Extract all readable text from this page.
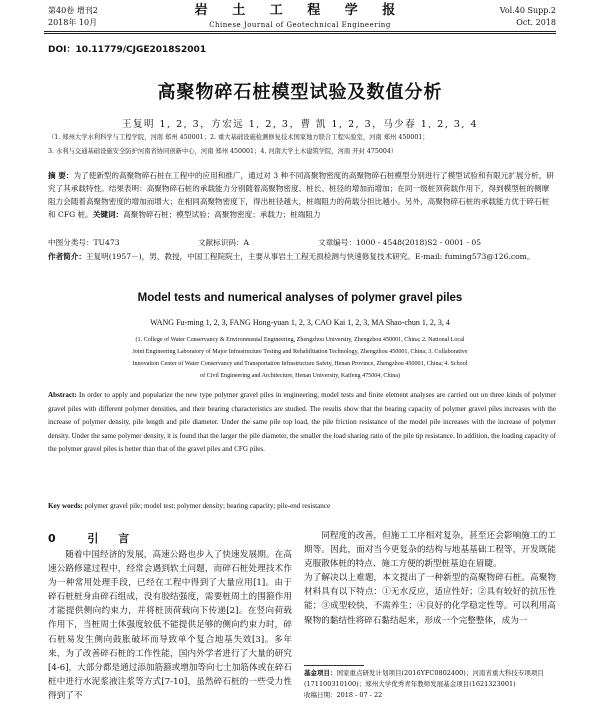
第40卷 增刊2
2018年 10月
岩 土 工 程 学 报
Chinese Journal of Geotechnical Engineering
Vol.40 Supp.2
Oct. 2018
DOI：10.11779/CJGE2018S2001
高聚物碎石桩模型试验及数值分析
王复明 1, 2, 3，方宏远 1, 2, 3，曹 凯 1, 2, 3，马少春 1, 2, 3, 4
（1. 郑州大学水利科学与工程学院，河南 郑州 450001；2. 重大基础设施检测修复技术国家地方联合工程实验室，河南 郑州 450001；
3. 水利与交通基础设施安全防护河南省协同创新中心，河南 郑州 450001；4. 河南大学土木建筑学院，河南 开封 475004）
摘 要：为了使新型的高聚物碎石桩在工程中的应用和推广，通过对 3 种不同高聚物密度的高聚物碎石桩模型分别进行了模型试验和有限元扩展分析，研究了其承载特性。结果表明：高聚物碎石桩的承载能力分别随着高聚物密度、桩长、桩径的增加而增加；在同一级桩顶荷载作用下，得到模型桩的侧摩阻力会随着高聚物密度的增加而增大；在相同高聚物密度下，得出桩径越大，桩端阻力的荷载分担比越小。另外，高聚物碎石桩的承载能力优于碎石桩和 CFG 桩。关键词：高聚物碎石桩；模型试验；高聚物密度；承载力；桩端阻力
中图分类号：TU473	文献标识码：A	文章编号：1000 - 4548(2018)S2 - 0001 - 05
作者简介：王复明(1957－)，男，教授，中国工程院院士，主要从事岩土工程无损检测与快速修复技术研究。E-mail: fuming573@126.com。
Model tests and numerical analyses of polymer gravel piles
WANG Fu-ming 1, 2, 3, FANG Hong-yuan 1, 2, 3, CAO Kai 1, 2, 3, MA Shao-chun 1, 2, 3, 4
(1. College of Water Conservancy & Environmental Engineering, Zhengzhou University, Zhengzhou 450001, China; 2. National Local
Joint Engineering Laboratory of Major Infrastructure Testing and Rehabilitation Technology, Zhengzhou 450001, China; 3. Collaborative
Innovation Center of Water Conservancy and Transportation Infrastructure Safety, Henan Province, Zhengzhou 450001, China; 4. School
of Civil Engineering and Architecture, Henan University, Kaifeng 475004, China)
Abstract: In order to apply and popularize the new type polymer gravel piles in engineering, model tests and finite element analyses are carried out on three kinds of polymer gravel piles with different polymer densities, and their bearing characteristics are studied. The results show that the bearing capacity of polymer gravel piles increases with the increase of polymer density, pile length and pile diameter. Under the same pile top load, the pile friction resistance of the model pile increases with the increase of polymer density. Under the same polymer density, it is found that the larger the pile diameter, the smaller the load sharing ratio of the pile tip resistance. In addition, the loading capacity of the polymer gravel piles is better than that of the gravel piles and CFG piles.
Key words: polymer gravel pile; model test; polymer density; bearing capacity; pile-end resistance
0 引 言
随着中国经济的发展，高速公路也步入了快速发展期。在高速公路修建过程中，经常会遇到软土问题，而碎石桩处理技术作为一种常用处理手段，已经在工程中得到了大量应用[1]。由于碎石桩桩身由碎石组成，没有胶结强度，需要桩周土的围箍作用才能提供侧向约束力，并将桩顶荷载向下传递[2]。在竖向荷载作用下，当桩周土体强度较低不能提供足够的侧向约束力时，碎石桩易发生侧向鼓胀破坏而导致单个复合地基失效[3]。多年来，为了改善碎石桩的工作性能，国内外学者进行了大量的研究[4-6]，大部分都是通过添加筋箍或增加等向七土加筋体或在碎石桩中进行水泥浆液注浆等方式[7-10]，虽然碎石桩的一些受力性得到了不
同程度的改善，但施工工序相对复杂，甚至还会影响施工的工期等。因此，面对当今更复杂的结构与地基基础工程等，开发既能克服散体桩的特点、施工方便的新型桩基迫在眉睫。
为了解决以上难题，本文提出了一种新型的高聚物碎石桩。高聚物材料具有以下特点：①无水反应，适应性好；②具有较好的抗压性能；③成型较快，不需养生；④良好的化学稳定性等。可以利用高聚物的黏结性将碎石黏结起来，形成一个完整整体，成为一
基金项目：国家重点研发计划项目(2016YFC0802400)；河南省重大科技专项项目(171100310100)；郑州大学优秀青年教师发展基金项目(1621323001)
收稿日期：2018 - 07 - 22
